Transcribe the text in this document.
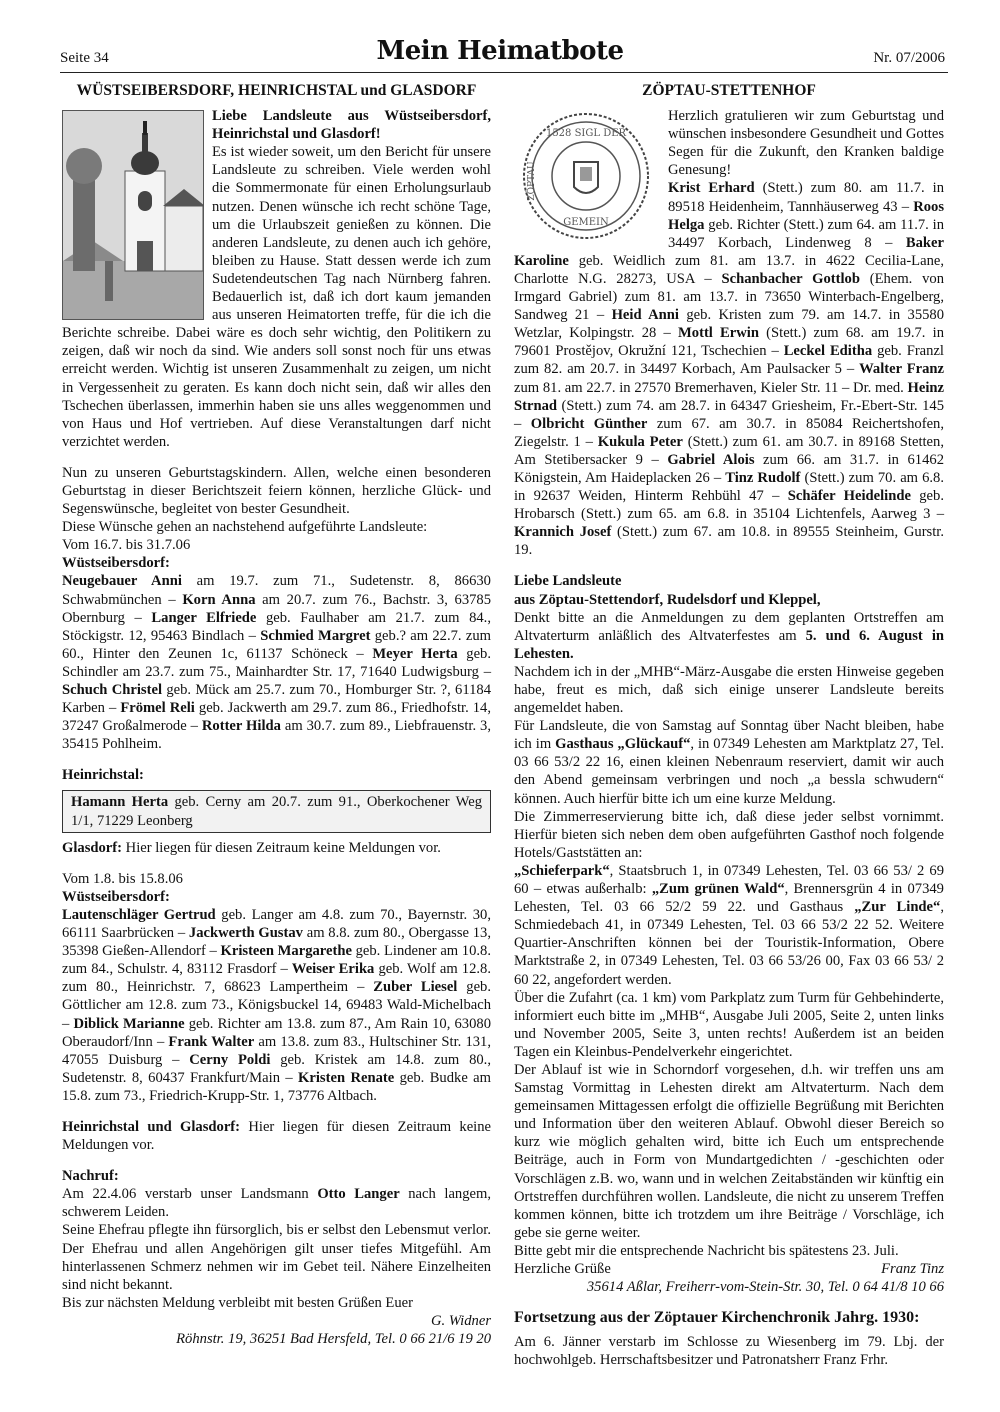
Seite 34	Mein Heimatbote	Nr. 07/2006
WÜSTSEIBERSDORF, HEINRICHSTAL und GLASDORF

Liebe Landsleute aus Wüstseibersdorf, Heinrichstal und Glasdorf!

Es ist wieder soweit, um den Bericht für unsere Landsleute zu schreiben. Viele werden wohl die Sommermonate für einen Erholungsurlaub nutzen. Denen wünsche ich recht schöne Tage, um die Urlaubszeit genießen zu können. Die anderen Landsleute, zu denen auch ich gehöre, bleiben zu Hause. Statt dessen werde ich zum Sudetendeutschen Tag nach Nürnberg fahren. Bedauerlich ist, daß ich dort kaum jemanden aus unseren Heimatorten treffe, für die ich die Berichte schreibe. Dabei wäre es doch sehr wichtig, den Politikern zu zeigen, daß wir noch da sind. Wie anders soll sonst noch für uns etwas erreicht werden. Wichtig ist unseren Zusammenhalt zu zeigen, um nicht in Vergessenheit zu geraten. Es kann doch nicht sein, daß wir alles den Tschechen überlassen, immerhin haben sie uns alles weggenommen und von Haus und Hof vertrieben. Auf diese Veranstaltungen darf nicht verzichtet werden.

Nun zu unseren Geburtstagskindern. Allen, welche einen besonderen Geburtstag in dieser Berichtszeit feiern können, herzliche Glück- und Segenswünsche, begleitet von bester Gesundheit.

Diese Wünsche gehen an nachstehend aufgeführte Landsleute:

Vom 16.7. bis 31.7.06

Wüstseibersdorf:

Neugebauer Anni am 19.7. zum 71., Sudetenstr. 8, 86630 Schwabmünchen – Korn Anna am 20.7. zum 76., Bachstr. 3, 63785 Obernburg – Langer Elfriede geb. Faulhaber am 21.7. zum 84., Stöckigstr. 12, 95463 Bindlach – Schmied Margret geb.? am 22.7. zum 60., Hinter den Zeunen 1c, 61137 Schöneck – Meyer Herta geb. Schindler am 23.7. zum 75., Mainhardter Str. 17, 71640 Ludwigsburg – Schuch Christel geb. Mück am 25.7. zum 70., Homburger Str. ?, 61184 Karben – Frömel Reli geb. Jackwerth am 29.7. zum 86., Friedhofstr. 14, 37247 Großalmerode – Rotter Hilda am 30.7. zum 89., Liebfrauenstr. 3, 35415 Pohlheim.

Heinrichstal:

Hamann Herta geb. Cerny am 20.7. zum 91., Oberkochener Weg 1/1, 71229 Leonberg

Glasdorf: Hier liegen für diesen Zeitraum keine Meldungen vor.

Vom 1.8. bis 15.8.06

Wüstseibersdorf:

Lautenschläger Gertrud geb. Langer am 4.8. zum 70., Bayernstr. 30, 66111 Saarbrücken – Jackwerth Gustav am 8.8. zum 80., Obergasse 13, 35398 Gießen-Allendorf – Kristeen Margarethe geb. Lindener am 10.8. zum 84., Schulstr. 4, 83112 Frasdorf – Weiser Erika geb. Wolf am 12.8. zum 80., Heinrichstr. 7, 68623 Lampertheim – Zuber Liesel geb. Göttlicher am 12.8. zum 73., Königsbuckel 14, 69483 Wald-Michelbach – Diblick Marianne geb. Richter am 13.8. zum 87., Am Rain 10, 63080 Oberaudorf/Inn – Frank Walter am 13.8. zum 83., Hultschiner Str. 131, 47055 Duisburg – Cerny Poldi geb. Kristek am 14.8. zum 80., Sudetenstr. 8, 60437 Frankfurt/Main – Kristen Renate geb. Budke am 15.8. zum 73., Friedrich-Krupp-Str. 1, 73776 Altbach.

Heinrichstal und Glasdorf: Hier liegen für diesen Zeitraum keine Meldungen vor.

Nachruf:

Am 22.4.06 verstarb unser Landsmann Otto Langer nach langem, schwerem Leiden.

Seine Ehefrau pflegte ihn fürsorglich, bis er selbst den Lebensmut verlor. Der Ehefrau und allen Angehörigen gilt unser tiefes Mitgefühl. Am hinterlassenen Schmerz nehmen wir im Gebet teil. Nähere Einzelheiten sind nicht bekannt.

Bis zur nächsten Meldung verbleibt mit besten Grüßen Euer

G. Widner

Röhnstr. 19, 36251 Bad Hersfeld, Tel. 0 66 21/6 19 20

ZÖPTAU-STETTENHOF
1528 SIGL DER
GEMEIN
ZÖPTAU

Herzlich gratulieren wir zum Geburtstag und wünschen insbesondere Gesundheit und Gottes Segen für die Zukunft, den Kranken baldige Genesung!

Krist Erhard (Stett.) zum 80. am 11.7. in 89518 Heidenheim, Tannhäuserweg 43 – Roos Helga geb. Richter (Stett.) zum 64. am 11.7. in 34497 Korbach, Lindenweg 8 – Baker Karoline geb. Weidlich zum 81. am 13.7. in 4622 Cecilia-Lane, Charlotte N.G. 28273, USA – Schanbacher Gottlob (Ehem. von Irmgard Gabriel) zum 81. am 13.7. in 73650 Winterbach-Engelberg, Sandweg 21 – Heid Anni geb. Kristen zum 79. am 14.7. in 35580 Wetzlar, Kolpingstr. 28 – Mottl Erwin (Stett.) zum 68. am 19.7. in 79601 Prostějov, Okružní 121, Tschechien – Leckel Editha geb. Franzl zum 82. am 20.7. in 34497 Korbach, Am Paulsacker 5 – Walter Franz zum 81. am 22.7. in 27570 Bremerhaven, Kieler Str. 11 – Dr. med. Heinz Strnad (Stett.) zum 74. am 28.7. in 64347 Griesheim, Fr.-Ebert-Str. 145 – Olbricht Günther zum 67. am 30.7. in 85084 Reichertshofen, Ziegelstr. 1 – Kukula Peter (Stett.) zum 61. am 30.7. in 89168 Stetten, Am Stetibersacker 9 – Gabriel Alois zum 66. am 31.7. in 61462 Königstein, Am Haideplacken 26 – Tinz Rudolf (Stett.) zum 70. am 6.8. in 92637 Weiden, Hinterm Rehbühl 47 – Schäfer Heidelinde geb. Hrobarsch (Stett.) zum 65. am 6.8. in 35104 Lichtenfels, Aarweg 3 – Krannich Josef (Stett.) zum 67. am 10.8. in 89555 Steinheim, Gurstr. 19.

Liebe Landsleute

aus Zöptau-Stettendorf, Rudelsdorf und Kleppel,

Denkt bitte an die Anmeldungen zu dem geplanten Ortstreffen am Altvaterturm anläßlich des Altvaterfestes am 5. und 6. August in Lehesten.

Nachdem ich in der „MHB“-März-Ausgabe die ersten Hinweise gegeben habe, freut es mich, daß sich einige unserer Landsleute bereits angemeldet haben.

Für Landsleute, die von Samstag auf Sonntag über Nacht bleiben, habe ich im Gasthaus „Glückauf“, in 07349 Lehesten am Marktplatz 27, Tel. 03 66 53/2 22 16, einen kleinen Nebenraum reserviert, damit wir auch den Abend gemeinsam verbringen und noch „a bessla schwudern“ können. Auch hierfür bitte ich um eine kurze Meldung.

Die Zimmerreservierung bitte ich, daß diese jeder selbst vornimmt. Hierfür bieten sich neben dem oben aufgeführten Gasthof noch folgende Hotels/Gaststätten an:

„Schieferpark“, Staatsbruch 1, in 07349 Lehesten, Tel. 03 66 53/ 2 69 60 – etwas außerhalb: „Zum grünen Wald“, Brennersgrün 4 in 07349 Lehesten, Tel. 03 66 52/2 59 22. und Gasthaus „Zur Linde“, Schmiedebach 41, in 07349 Lehesten, Tel. 03 66 53/2 22 52. Weitere Quartier-Anschriften können bei der Touristik-Information, Obere Marktstraße 2, in 07349 Lehesten, Tel. 03 66 53/26 00, Fax 03 66 53/ 2 60 22, angefordert werden.

Über die Zufahrt (ca. 1 km) vom Parkplatz zum Turm für Gehbehinderte, informiert euch bitte im „MHB“, Ausgabe Juli 2005, Seite 2, unten links und November 2005, Seite 3, unten rechts! Außerdem ist an beiden Tagen ein Kleinbus-Pendelverkehr eingerichtet.

Der Ablauf ist wie in Schorndorf vorgesehen, d.h. wir treffen uns am Samstag Vormittag in Lehesten direkt am Altvaterturm. Nach dem gemeinsamen Mittagessen erfolgt die offizielle Begrüßung mit Berichten und Information über den weiteren Ablauf. Obwohl dieser Bereich so kurz wie möglich gehalten wird, bitte ich Euch um entsprechende Beiträge, auch in Form von Mundartgedichten / -geschichten oder Vorschlägen z.B. wo, wann und in welchen Zeitabständen wir künftig ein Ortstreffen durchführen wollen. Landsleute, die nicht zu unserem Treffen kommen können, bitte ich trotzdem um ihre Beiträge / Vorschläge, ich gebe sie gerne weiter.

Bitte gebt mir die entsprechende Nachricht bis spätestens 23. Juli.

Herzliche Grüße	Franz Tinz

35614 Aßlar, Freiherr-vom-Stein-Str. 30, Tel. 0 64 41/8 10 66

Fortsetzung aus der Zöptauer Kirchenchronik Jahrg. 1930:

Am 6. Jänner verstarb im Schlosse zu Wiesenberg im 79. Lbj. der hochwohlgeb. Herrschaftsbesitzer und Patronatsherr Franz Frhr.
